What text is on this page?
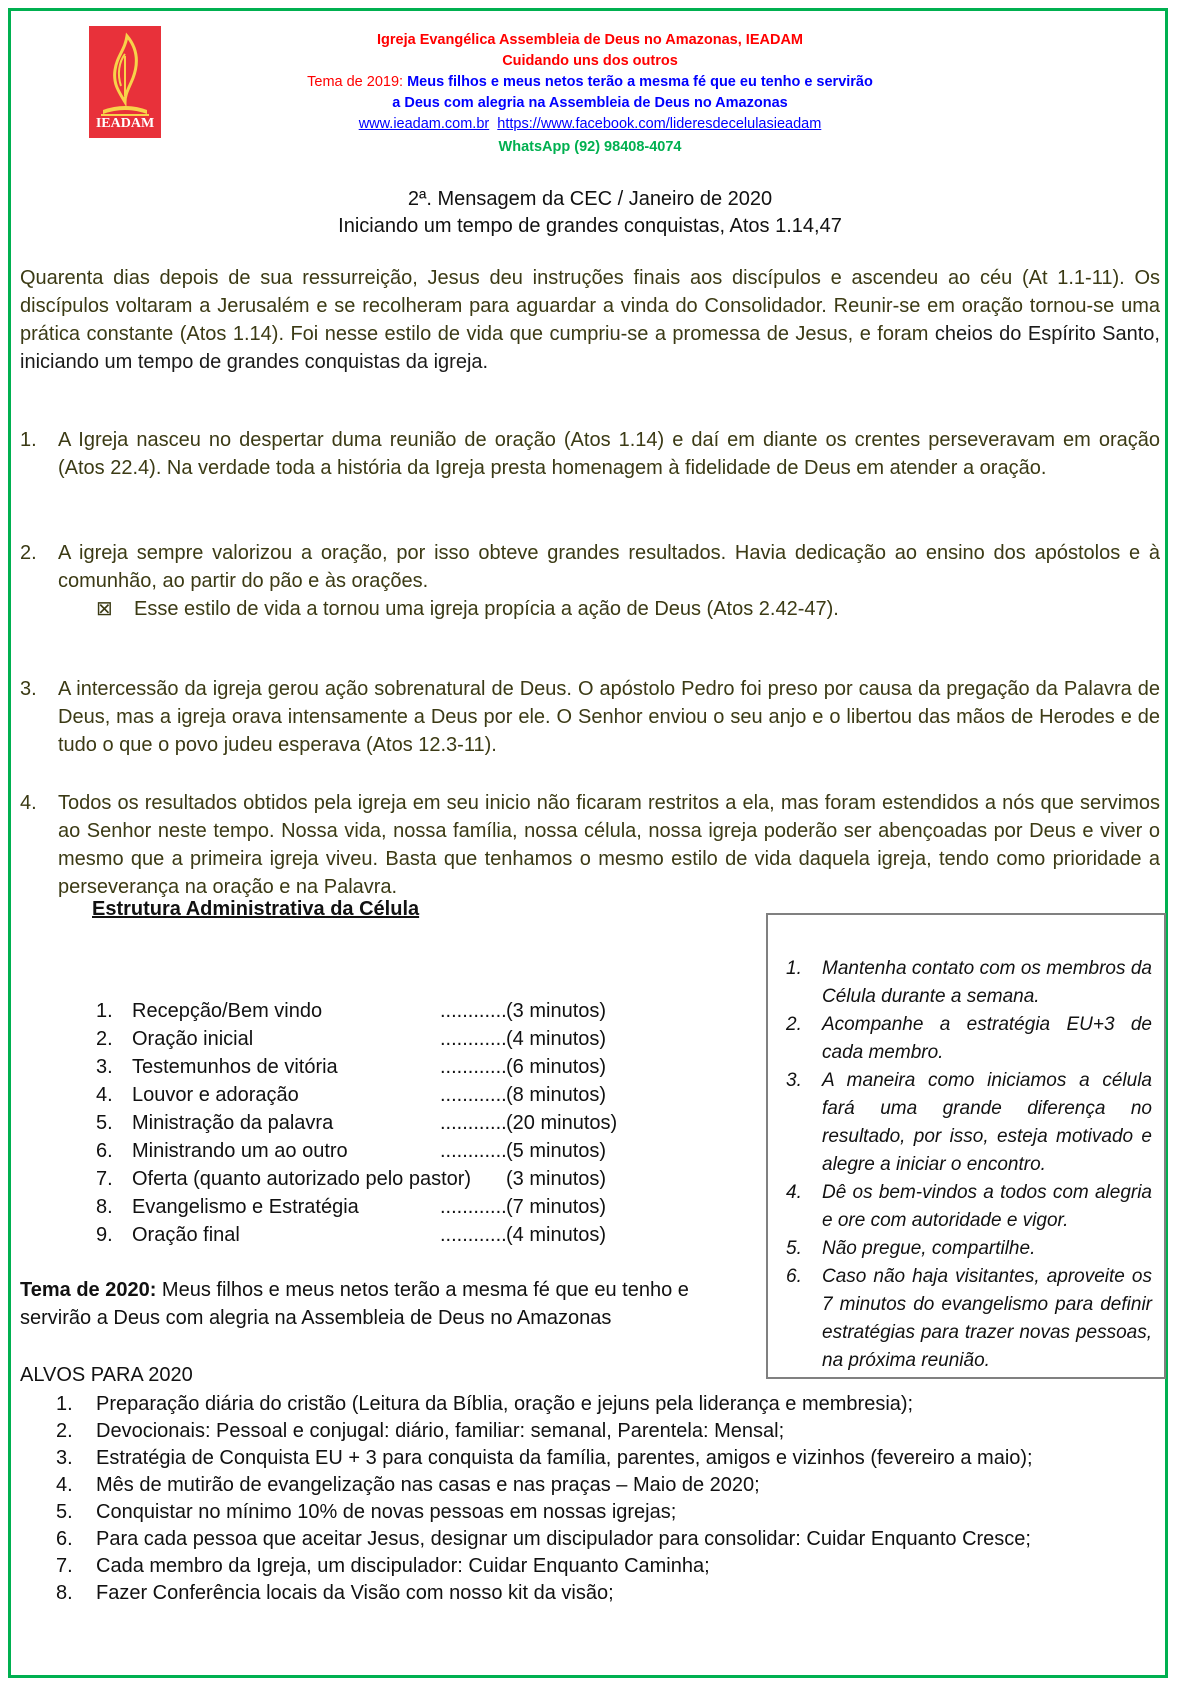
IEADAM
Igreja Evangélica Assembleia de Deus no Amazonas, IEADAM
Cuidando uns dos outros
Tema de 2019: Meus filhos e meus netos terão a mesma fé que eu tenho e servirão
a Deus com alegria na Assembleia de Deus no Amazonas
www.ieadam.com.br https://www.facebook.com/lideresdecelulasieadam
WhatsApp (92) 98408-4074
2ª. Mensagem da CEC / Janeiro de 2020
Iniciando um tempo de grandes conquistas, Atos 1.14,47
Quarenta dias depois de sua ressurreição, Jesus deu instruções finais aos discípulos e ascendeu ao céu (At 1.1-11). Os discípulos voltaram a Jerusalém e se recolheram para aguardar a vinda do Consolidador. Reunir-se em oração tornou-se uma prática constante (Atos 1.14). Foi nesse estilo de vida que cumpriu-se a promessa de Jesus, e foram cheios do Espírito Santo, iniciando um tempo de grandes conquistas da igreja.
1. A Igreja nasceu no despertar duma reunião de oração (Atos 1.14) e daí em diante os crentes perseveravam em oração (Atos 22.4). Na verdade toda a história da Igreja presta homenagem à fidelidade de Deus em atender a oração.
2. A igreja sempre valorizou a oração, por isso obteve grandes resultados. Havia dedicação ao ensino dos apóstolos e à comunhão, ao partir do pão e às orações.
⊠ Esse estilo de vida a tornou uma igreja propícia a ação de Deus (Atos 2.42-47).
3. A intercessão da igreja gerou ação sobrenatural de Deus. O apóstolo Pedro foi preso por causa da pregação da Palavra de Deus, mas a igreja orava intensamente a Deus por ele. O Senhor enviou o seu anjo e o libertou das mãos de Herodes e de tudo o que o povo judeu esperava (Atos 12.3-11).
4. Todos os resultados obtidos pela igreja em seu inicio não ficaram restritos a ela, mas foram estendidos a nós que servimos ao Senhor neste tempo. Nossa vida, nossa família, nossa célula, nossa igreja poderão ser abençoadas por Deus e viver o mesmo que a primeira igreja viveu. Basta que tenhamos o mesmo estilo de vida daquela igreja, tendo como prioridade a perseverança na oração e na Palavra.
Estrutura Administrativa da Célula
1. Recepção/Bem vindo	............ (3 minutos)
2. Oração inicial	............ (4 minutos)
3. Testemunhos de vitória	............ (6 minutos)
4. Louvor e adoração	............ (8 minutos)
5. Ministração da palavra	............ (20 minutos)
6. Ministrando um ao outro	............ (5 minutos)
7. Oferta (quanto autorizado pelo pastor) (3 minutos)
8. Evangelismo e Estratégia	............ (7 minutos)
9. Oração final	............ (4 minutos)
1. Mantenha contato com os membros da Célula durante a semana.
2. Acompanhe a estratégia EU+3 de cada membro.
3. A maneira como iniciamos a célula fará uma grande diferença no resultado, por isso, esteja motivado e alegre a iniciar o encontro.
4. Dê os bem-vindos a todos com alegria e ore com autoridade e vigor.
5. Não pregue, compartilhe.
6. Caso não haja visitantes, aproveite os 7 minutos do evangelismo para definir estratégias para trazer novas pessoas, na próxima reunião.
Tema de 2020: Meus filhos e meus netos terão a mesma fé que eu tenho e servirão a Deus com alegria na Assembleia de Deus no Amazonas
ALVOS PARA 2020
1. Preparação diária do cristão (Leitura da Bíblia, oração e jejuns pela liderança e membresia);
2. Devocionais: Pessoal e conjugal: diário, familiar: semanal, Parentela: Mensal;
3. Estratégia de Conquista EU + 3 para conquista da família, parentes, amigos e vizinhos (fevereiro a maio);
4. Mês de mutirão de evangelização nas casas e nas praças – Maio de 2020;
5. Conquistar no mínimo 10% de novas pessoas em nossas igrejas;
6. Para cada pessoa que aceitar Jesus, designar um discipulador para consolidar: Cuidar Enquanto Cresce;
7. Cada membro da Igreja, um discipulador: Cuidar Enquanto Caminha;
8. Fazer Conferência locais da Visão com nosso kit da visão;
